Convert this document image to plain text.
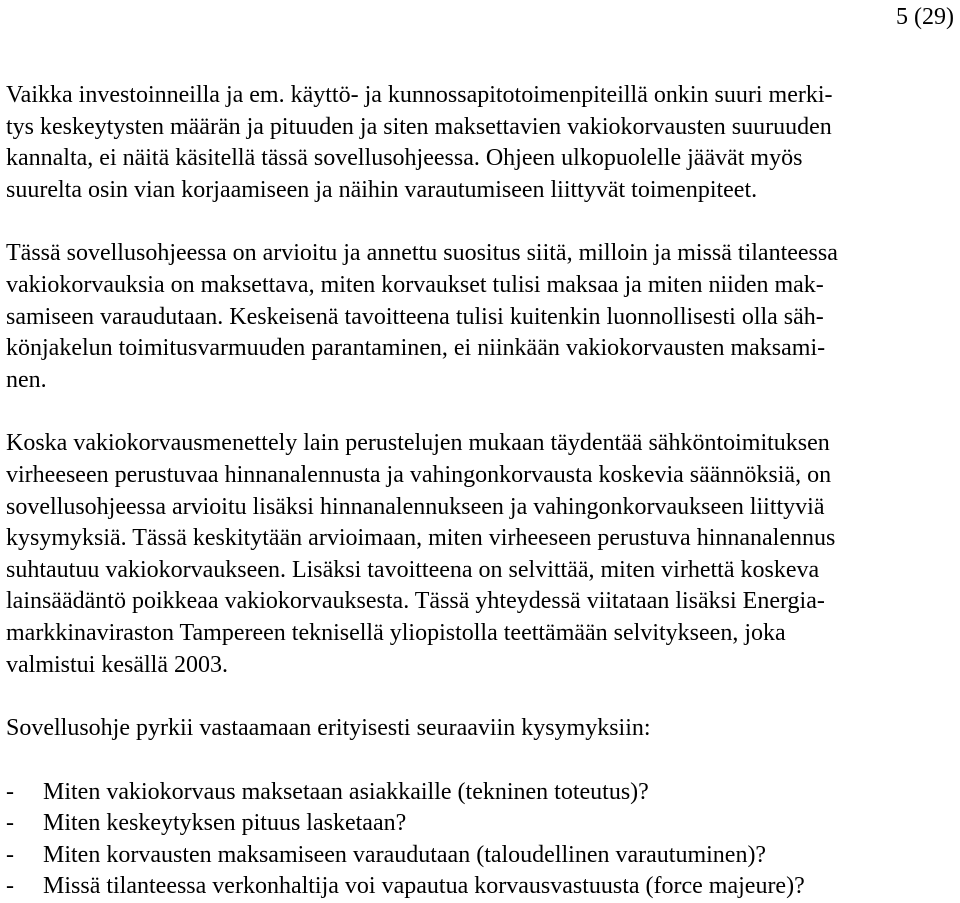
5 (29)
Vaikka investoinneilla ja em. käyttö- ja kunnossapitotoimenpiteillä onkin suuri merki-
tys keskeytysten määrän ja pituuden ja siten maksettavien vakiokorvausten suuruuden
kannalta, ei näitä käsitellä tässä sovellusohjeessa. Ohjeen ulkopuolelle jäävät myös
suurelta osin vian korjaamiseen ja näihin varautumiseen liittyvät toimenpiteet.
Tässä sovellusohjeessa on arvioitu ja annettu suositus siitä, milloin ja missä tilanteessa
vakiokorvauksia on maksettava, miten korvaukset tulisi maksaa ja miten niiden mak-
samiseen varaudutaan. Keskeisenä tavoitteena tulisi kuitenkin luonnollisesti olla säh-
könjakelun toimitusvarmuuden parantaminen, ei niinkään vakiokorvausten maksami-
nen.
Koska vakiokorvausmenettely lain perustelujen mukaan täydentää sähköntoimituksen
virheeseen perustuvaa hinnanalennusta ja vahingonkorvausta koskevia säännöksiä, on
sovellusohjeessa arvioitu lisäksi hinnanalennukseen ja vahingonkorvaukseen liittyviä
kysymyksiä. Tässä keskitytään arvioimaan, miten virheeseen perustuva hinnanalennus
suhtautuu vakiokorvaukseen. Lisäksi tavoitteena on selvittää, miten virhettä koskeva
lainsäädäntö poikkeaa vakiokorvauksesta. Tässä yhteydessä viitataan lisäksi Energia-
markkinaviraston Tampereen teknisellä yliopistolla teettämään selvitykseen, joka
valmistui kesällä 2003.
Sovellusohje pyrkii vastaamaan erityisesti seuraaviin kysymyksiin:
- Miten vakiokorvaus maksetaan asiakkaille (tekninen toteutus)?
- Miten keskeytyksen pituus lasketaan?
- Miten korvausten maksamiseen varaudutaan (taloudellinen varautuminen)?
- Missä tilanteessa verkonhaltija voi vapautua korvausvastuusta (force majeure)?
